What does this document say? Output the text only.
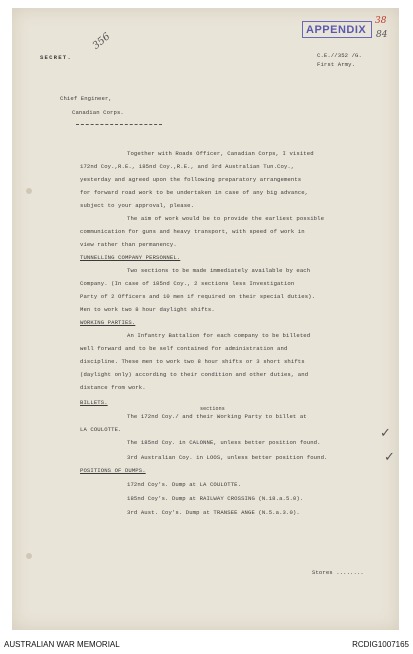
SECRET.
356
APPENDIX
38
84
C.E.//352 /G.
First Army.
Chief Engineer,
Canadian Corps.
Together with Roads Officer, Canadian Corps, I visited
172nd Coy.,R.E., 185nd Coy.,R.E., and 3rd Australian Tun.Coy.,
yesterday and agreed upon the following preparatory arrangements
for forward road work to be undertaken in case of any big advance,
subject to your approval, please.
The aim of work would be to provide the earliest possible
communication for guns and heavy transport, with speed of work in
view rather than permanency.
TUNNELLING COMPANY PERSONNEL.
Two sections to be made immediately available by each
Company. (In case of 185nd Coy., 2 sections less Investigation
Party of 2 Officers and 10 men if required on their special duties).
Men to work two 8 hour daylight shifts.
WORKING PARTIES.
An Infantry Battalion for each company to be billeted
well forward and to be self contained for administration and
discipline. These men to work two 8 hour shifts or 3 short shifts
(daylight only) according to their condition and other duties, and
distance from work.
BILLETS.
sections
The 172nd Coy./ and their Working Party to billet at
LA COULOTTE.
The 185nd Coy. in CALONNE, unless better position found.
✓
3rd Australian Coy. in LOOS, unless better position found.	✓
POSITIONS OF DUMPS.
172nd Coy's. Dump at LA COULOTTE.
185nd Coy's. Dump at RAILWAY CROSSING (N.18.a.5.0).
3rd Aust. Coy's. Dump at TRANSEE ANGE (N.5.a.3.0).
Stores ........
AUSTRALIAN WAR MEMORIAL	RCDIG1007165
